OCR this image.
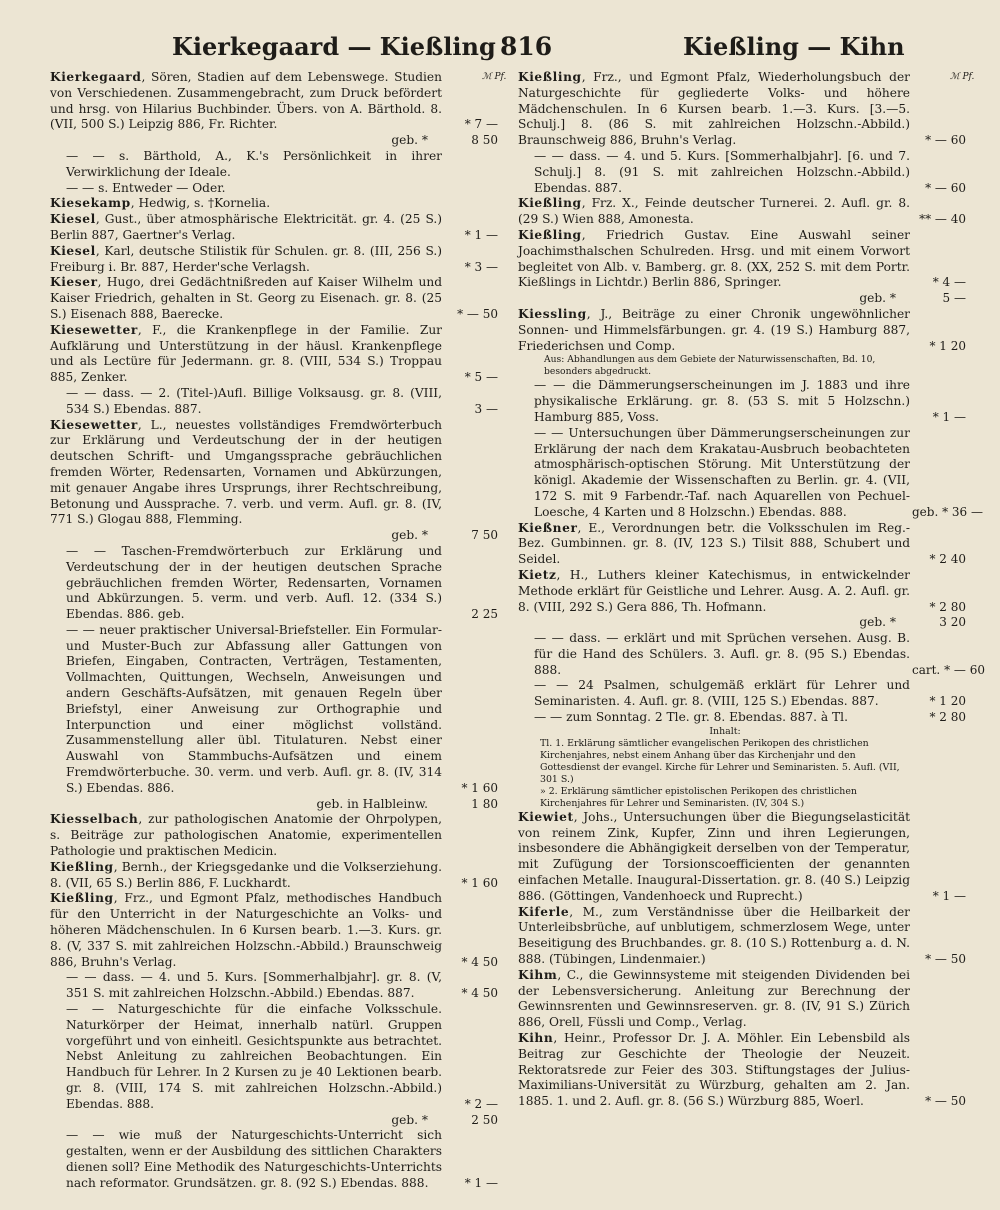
Kierkegaard — Kießling 816	Kießling — Kihn
ℳ Pf.	ℳ Pf.
Kierkegaard, Sören, Stadien auf dem Lebenswege. Studien von Verschiedenen. Zusammengebracht, zum Druck befördert und hrsg. von Hilarius Buchbinder. Übers. von A. Bärthold. 8. (VII, 500 S.) Leipzig 886, Fr. Richter.	* 7 —
geb. *	8 50
— — s. Bärthold, A., K.'s Persönlichkeit in ihrer Verwirklichung der Ideale.
— — s. Entweder — Oder.
Kiesekamp, Hedwig, s. †Kornelia.
Kiesel, Gust., über atmosphärische Elektricität. gr. 4. (25 S.) Berlin 887, Gaertner's Verlag.	* 1 —
Kiesel, Karl, deutsche Stilistik für Schulen. gr. 8. (III, 256 S.) Freiburg i. Br. 887, Herder'sche Verlagsh.	* 3 —
Kieser, Hugo, drei Gedächtnißreden auf Kaiser Wilhelm und Kaiser Friedrich, gehalten in St. Georg zu Eisenach. gr. 8. (25 S.) Eisenach 888, Baerecke.	* — 50
Kiesewetter, F., die Krankenpflege in der Familie. Zur Aufklärung und Unterstützung in der häusl. Krankenpflege und als Lectüre für Jedermann. gr. 8. (VIII, 534 S.) Troppau 885, Zenker.	* 5 —
— — dass. — 2. (Titel-)Aufl. Billige Volksausg. gr. 8. (VIII, 534 S.) Ebendas. 887.	3 —
Kiesewetter, L., neuestes vollständiges Fremdwörterbuch zur Erklärung und Verdeutschung der in der heutigen deutschen Schrift- und Umgangssprache gebräuchlichen fremden Wörter, Redensarten, Vornamen und Abkürzungen, mit genauer Angabe ihres Ursprungs, ihrer Rechtschreibung, Betonung und Aussprache. 7. verb. und verm. Aufl. gr. 8. (IV, 771 S.) Glogau 888, Flemming.
geb. *	7 50
— — Taschen-Fremdwörterbuch zur Erklärung und Verdeutschung der in der heutigen deutschen Sprache gebräuchlichen fremden Wörter, Redensarten, Vornamen und Abkürzungen. 5. verm. und verb. Aufl. 12. (334 S.) Ebendas. 886. geb.	2 25
— — neuer praktischer Universal-Briefsteller. Ein Formular- und Muster-Buch zur Abfassung aller Gattungen von Briefen, Eingaben, Contracten, Verträgen, Testamenten, Vollmachten, Quittungen, Wechseln, Anweisungen und andern Geschäfts-Aufsätzen, mit genauen Regeln über Briefstyl, einer Anweisung zur Orthographie und Interpunction und einer möglichst vollständ. Zusammenstellung aller übl. Titulaturen. Nebst einer Auswahl von Stammbuchs-Aufsätzen und einem Fremdwörterbuche. 30. verm. und verb. Aufl. gr. 8. (IV, 314 S.) Ebendas. 886.	* 1 60
geb. in Halbleinw.	1 80
Kiesselbach, zur pathologischen Anatomie der Ohrpolypen, s. Beiträge zur pathologischen Anatomie, experimentellen Pathologie und praktischen Medicin.
Kießling, Bernh., der Kriegsgedanke und die Volkserziehung. 8. (VII, 65 S.) Berlin 886, F. Luckhardt.	* 1 60
Kießling, Frz., und Egmont Pfalz, methodisches Handbuch für den Unterricht in der Naturgeschichte an Volks- und höheren Mädchenschulen. In 6 Kursen bearb. 1.—3. Kurs. gr. 8. (V, 337 S. mit zahlreichen Holzschn.-Abbild.) Braunschweig 886, Bruhn's Verlag.	* 4 50
— — dass. — 4. und 5. Kurs. [Sommerhalbjahr]. gr. 8. (V, 351 S. mit zahlreichen Holzschn.-Abbild.) Ebendas. 887.	* 4 50
— — Naturgeschichte für die einfache Volksschule. Naturkörper der Heimat, innerhalb natürl. Gruppen vorgeführt und von einheitl. Gesichtspunkte aus betrachtet. Nebst Anleitung zu zahlreichen Beobachtungen. Ein Handbuch für Lehrer. In 2 Kursen zu je 40 Lektionen bearb. gr. 8. (VIII, 174 S. mit zahlreichen Holzschn.-Abbild.) Ebendas. 888.	* 2 —
geb. *	2 50
— — wie muß der Naturgeschichts-Unterricht sich gestalten, wenn er der Ausbildung des sittlichen Charakters dienen soll? Eine Methodik des Naturgeschichts-Unterrichts nach reformator. Grundsätzen. gr. 8. (92 S.) Ebendas. 888.	* 1 —
Kießling, Frz., und Egmont Pfalz, Wiederholungsbuch der Naturgeschichte für gegliederte Volks- und höhere Mädchenschulen. In 6 Kursen bearb. 1.—3. Kurs. [3.—5. Schulj.] 8. (86 S. mit zahlreichen Holzschn.-Abbild.) Braunschweig 886, Bruhn's Verlag.	* — 60
— — dass. — 4. und 5. Kurs. [Sommerhalbjahr]. [6. und 7. Schulj.] 8. (91 S. mit zahlreichen Holzschn.-Abbild.) Ebendas. 887.	* — 60
Kießling, Frz. X., Feinde deutscher Turnerei. 2. Aufl. gr. 8. (29 S.) Wien 888, Amonesta.	** — 40
Kießling, Friedrich Gustav. Eine Auswahl seiner Joachimsthalschen Schulreden. Hrsg. und mit einem Vorwort begleitet von Alb. v. Bamberg. gr. 8. (XX, 252 S. mit dem Portr. Kießlings in Lichtdr.) Berlin 886, Springer.	* 4 —
geb. *	5 —
Kiessling, J., Beiträge zu einer Chronik ungewöhnlicher Sonnen- und Himmelsfärbungen. gr. 4. (19 S.) Hamburg 887, Friederichsen und Comp.	* 1 20
Aus: Abhandlungen aus dem Gebiete der Naturwissenschaften, Bd. 10, besonders abgedruckt.
— — die Dämmerungserscheinungen im J. 1883 und ihre physikalische Erklärung. gr. 8. (53 S. mit 5 Holzschn.) Hamburg 885, Voss.	* 1 —
— — Untersuchungen über Dämmerungserscheinungen zur Erklärung der nach dem Krakatau-Ausbruch beobachteten atmosphärisch-optischen Störung. Mit Unterstützung der königl. Akademie der Wissenschaften zu Berlin. gr. 4. (VII, 172 S. mit 9 Farbendr.-Taf. nach Aquarellen von Pechuel-Loesche, 4 Karten und 8 Holzschn.) Ebendas. 888.	geb. * 36 —
Kießner, E., Verordnungen betr. die Volksschulen im Reg.-Bez. Gumbinnen. gr. 8. (IV, 123 S.) Tilsit 888, Schubert und Seidel.	* 2 40
Kietz, H., Luthers kleiner Katechismus, in entwickelnder Methode erklärt für Geistliche und Lehrer. Ausg. A. 2. Aufl. gr. 8. (VIII, 292 S.) Gera 886, Th. Hofmann.	* 2 80
geb. *	3 20
— — dass. — erklärt und mit Sprüchen versehen. Ausg. B. für die Hand des Schülers. 3. Aufl. gr. 8. (95 S.) Ebendas. 888.	cart. * — 60
— — 24 Psalmen, schulgemäß erklärt für Lehrer und Seminaristen. 4. Aufl. gr. 8. (VIII, 125 S.) Ebendas. 887.	* 1 20
— — zum Sonntag. 2 Tle. gr. 8. Ebendas. 887. à Tl.	* 2 80
Inhalt:
Tl. 1. Erklärung sämtlicher evangelischen Perikopen des christlichen Kirchenjahres, nebst einem Anhang über das Kirchenjahr und den Gottesdienst der evangel. Kirche für Lehrer und Seminaristen. 5. Aufl. (VII, 301 S.)
» 2. Erklärung sämtlicher epistolischen Perikopen des christlichen Kirchenjahres für Lehrer und Seminaristen. (IV, 304 S.)
Kiewiet, Johs., Untersuchungen über die Biegungselasticität von reinem Zink, Kupfer, Zinn und ihren Legierungen, insbesondere die Abhängigkeit derselben von der Temperatur, mit Zufügung der Torsionscoefficienten der genannten einfachen Metalle. Inaugural-Dissertation. gr. 8. (40 S.) Leipzig 886. (Göttingen, Vandenhoeck und Ruprecht.)	* 1 —
Kiferle, M., zum Verständnisse über die Heilbarkeit der Unterleibsbrüche, auf unblutigem, schmerzlosem Wege, unter Beseitigung des Bruchbandes. gr. 8. (10 S.) Rottenburg a. d. N. 888. (Tübingen, Lindenmaier.)	* — 50
Kihm, C., die Gewinnsysteme mit steigenden Dividenden bei der Lebensversicherung. Anleitung zur Berechnung der Gewinnsrenten und Gewinnsreserven. gr. 8. (IV, 91 S.) Zürich 886, Orell, Füssli und Comp., Verlag.
Kihn, Heinr., Professor Dr. J. A. Möhler. Ein Lebensbild als Beitrag zur Geschichte der Theologie der Neuzeit. Rektoratsrede zur Feier des 303. Stiftungstages der Julius-Maximilians-Universität zu Würzburg, gehalten am 2. Jan. 1885. 1. und 2. Aufl. gr. 8. (56 S.) Würzburg 885, Woerl.	* — 50
